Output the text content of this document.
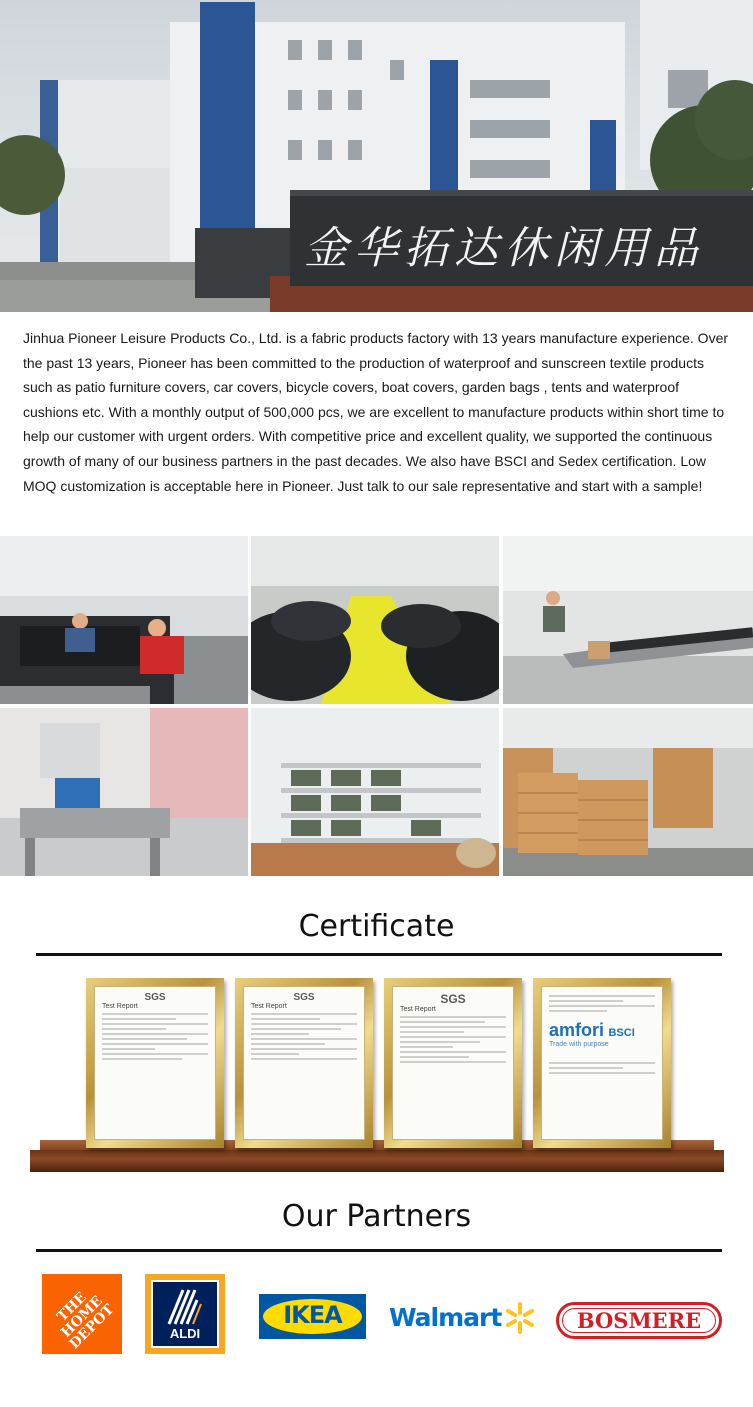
金华拓达休闲用品
Jinhua Pioneer Leisure Products Co., Ltd. is a fabric products factory with 13 years manufacture experience. Over the past 13 years, Pioneer has been committed to the production of waterproof and sunscreen textile products such as patio furniture covers, car covers, bicycle covers, boat covers, garden bags , tents and waterproof cushions etc. With a monthly output of 500,000 pcs, we are excellent to manufacture products within short time to help our customer with urgent orders. With competitive price and excellent quality, we supported the continuous growth of many of our business partners in the past decades. We also have BSCI and Sedex certification. Low MOQ customization is acceptable here in Pioneer. Just talk to our sale representative and start with a sample!
Certificate
SGS
Test Report
SGS
Test Report
SGS
Test Report
amfori BSCI
Trade with purpose
Our Partners
THE HOME DEPOT	ALDI
IKEA	Walmart	BOSMERE
